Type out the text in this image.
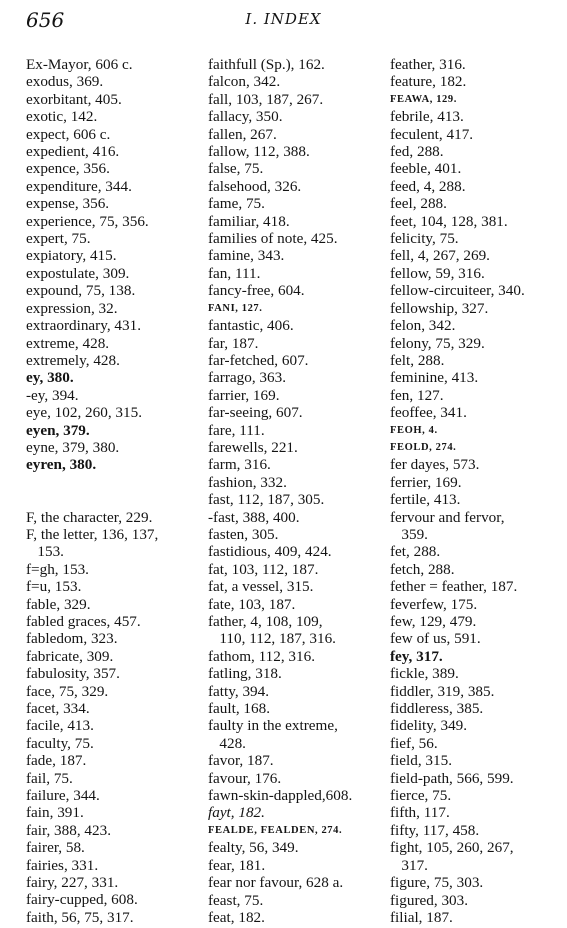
656	I. INDEX
Ex-Mayor, 606 c.
exodus, 369.
exorbitant, 405.
exotic, 142.
expect, 606 c.
expedient, 416.
expence, 356.
expenditure, 344.
expense, 356.
experience, 75, 356.
expert, 75.
expiatory, 415.
expostulate, 309.
expound, 75, 138.
expression, 32.
extraordinary, 431.
extreme, 428.
extremely, 428.
ey, 380.
-ey, 394.
eye, 102, 260, 315.
eyen, 379.
eyne, 379, 380.
eyren, 380.
F, the character, 229.
F, the letter, 136, 137,
153.
f=gh, 153.
f=u, 153.
fable, 329.
fabled graces, 457.
fabledom, 323.
fabricate, 309.
fabulosity, 357.
face, 75, 329.
facet, 334.
facile, 413.
faculty, 75.
fade, 187.
fail, 75.
failure, 344.
fain, 391.
fair, 388, 423.
fairer, 58.
fairies, 331.
fairy, 227, 331.
fairy-cupped, 608.
faith, 56, 75, 317.
faithfull (Sp.), 162.
falcon, 342.
fall, 103, 187, 267.
fallacy, 350.
fallen, 267.
fallow, 112, 388.
false, 75.
falsehood, 326.
fame, 75.
familiar, 418.
families of note, 425.
famine, 343.
fan, 111.
fancy-free, 604.
FANI, 127.
fantastic, 406.
far, 187.
far-fetched, 607.
farrago, 363.
farrier, 169.
far-seeing, 607.
fare, 111.
farewells, 221.
farm, 316.
fashion, 332.
fast, 112, 187, 305.
-fast, 388, 400.
fasten, 305.
fastidious, 409, 424.
fat, 103, 112, 187.
fat, a vessel, 315.
fate, 103, 187.
father, 4, 108, 109,
110, 112, 187, 316.
fathom, 112, 316.
fatling, 318.
fatty, 394.
fault, 168.
faulty in the extreme,
428.
favor, 187.
favour, 176.
fawn-skin-dappled,608.
fayt, 182.
FEALDE, FEALDEN, 274.
fealty, 56, 349.
fear, 181.
fear nor favour, 628 a.
feast, 75.
feat, 182.
feather, 316.
feature, 182.
FEAWA, 129.
febrile, 413.
feculent, 417.
fed, 288.
feeble, 401.
feed, 4, 288.
feel, 288.
feet, 104, 128, 381.
felicity, 75.
fell, 4, 267, 269.
fellow, 59, 316.
fellow-circuiteer, 340.
fellowship, 327.
felon, 342.
felony, 75, 329.
felt, 288.
feminine, 413.
fen, 127.
feoffee, 341.
FEOH, 4.
FEOLD, 274.
fer dayes, 573.
ferrier, 169.
fertile, 413.
fervour and fervor,
359.
fet, 288.
fetch, 288.
fether = feather, 187.
feverfew, 175.
few, 129, 479.
few of us, 591.
fey, 317.
fickle, 389.
fiddler, 319, 385.
fiddleress, 385.
fidelity, 349.
fief, 56.
field, 315.
field-path, 566, 599.
fierce, 75.
fifth, 117.
fifty, 117, 458.
fight, 105, 260, 267,
317.
figure, 75, 303.
figured, 303.
filial, 187.
